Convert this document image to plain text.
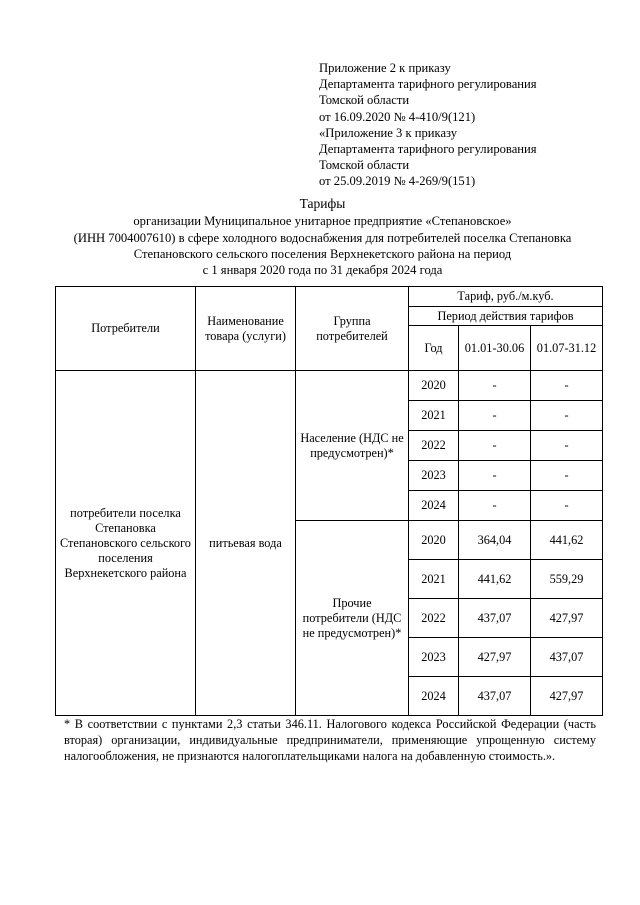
Приложение 2 к приказу
Департамента тарифного регулирования
Томской области
от 16.09.2020 № 4-410/9(121)
«Приложение 3 к приказу
Департамента тарифного регулирования
Томской области
от 25.09.2019 № 4-269/9(151)
Тарифы
организации Муниципальное унитарное предприятие «Степановское»
(ИНН 7004007610) в сфере холодного водоснабжения для потребителей поселка Степановка
Степановского сельского поселения Верхнекетского района на период
с 1 января 2020 года по 31 декабря 2024 года
Потребители	Наименование товара (услуги)	Группа потребителей	Тариф, руб./м.куб.		
			Период действия тарифов		
			Год	01.01-30.06	01.07-31.12
потребители поселка Степановка Степановского сельского поселения Верхнекетского района	питьевая вода	Население (НДС не предусмотрен)*	2020	-	-
			2021	-	-
			2022	-	-
			2023	-	-
			2024	-	-
		Прочие потребители (НДС не предусмотрен)*	2020	364,04	441,62
			2021	441,62	559,29
			2022	437,07	427,97
			2023	427,97	437,07
			2024	437,07	427,97
* В соответствии с пунктами 2,3 статьи 346.11. Налогового кодекса Российской Федерации (часть вторая) организации, индивидуальные предприниматели, применяющие упрощенную систему налогообложения, не признаются налогоплательщиками налога на добавленную стоимость.».
